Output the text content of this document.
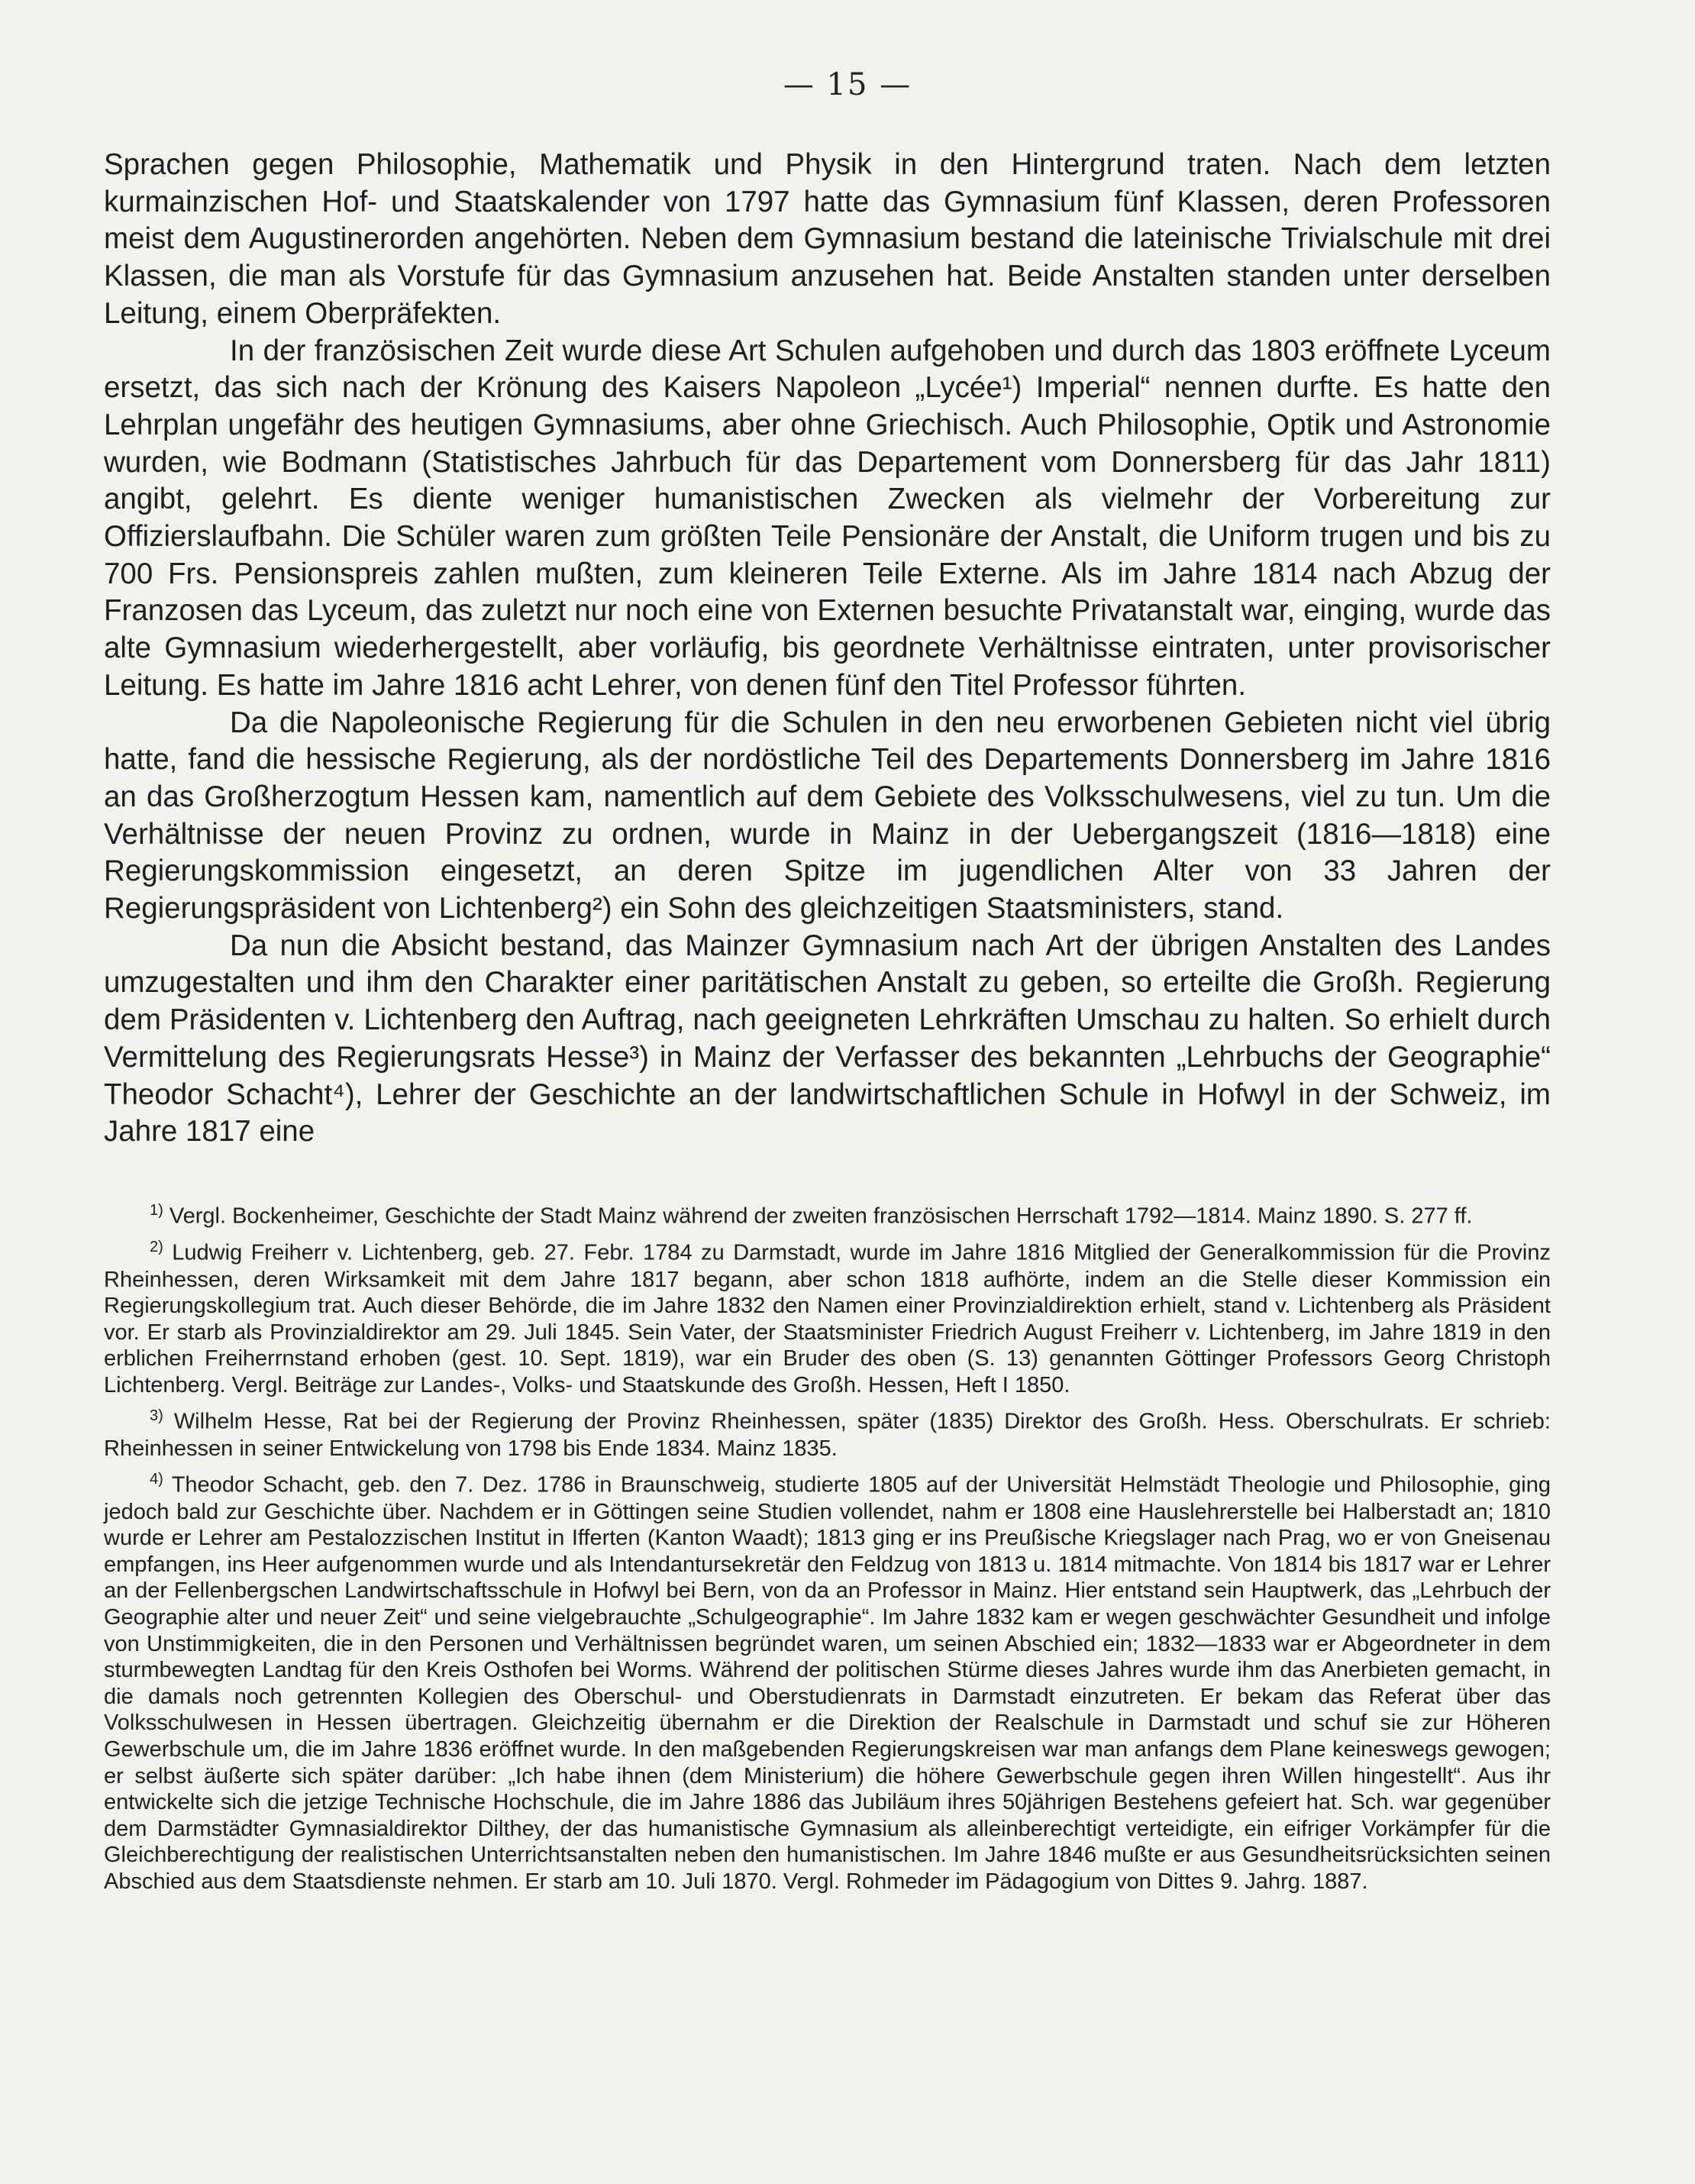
— 15 —

Sprachen gegen Philosophie, Mathematik und Physik in den Hintergrund traten. Nach dem letzten kurmainzischen Hof- und Staatskalender von 1797 hatte das Gymnasium fünf Klassen, deren Professoren meist dem Augustinerorden angehörten. Neben dem Gymnasium bestand die lateinische Trivialschule mit drei Klassen, die man als Vorstufe für das Gymnasium anzusehen hat. Beide Anstalten standen unter derselben Leitung, einem Oberpräfekten.

In der französischen Zeit wurde diese Art Schulen aufgehoben und durch das 1803 eröffnete Lyceum ersetzt, das sich nach der Krönung des Kaisers Napoleon „Lycée¹) Imperial“ nennen durfte. Es hatte den Lehrplan ungefähr des heutigen Gymnasiums, aber ohne Griechisch. Auch Philosophie, Optik und Astronomie wurden, wie Bodmann (Statistisches Jahrbuch für das Departement vom Donnersberg für das Jahr 1811) angibt, gelehrt. Es diente weniger humanistischen Zwecken als vielmehr der Vorbereitung zur Offizierslaufbahn. Die Schüler waren zum größten Teile Pensionäre der Anstalt, die Uniform trugen und bis zu 700 Frs. Pensionspreis zahlen mußten, zum kleineren Teile Externe. Als im Jahre 1814 nach Abzug der Franzosen das Lyceum, das zuletzt nur noch eine von Externen besuchte Privatanstalt war, einging, wurde das alte Gymnasium wiederhergestellt, aber vorläufig, bis geordnete Verhältnisse eintraten, unter provisorischer Leitung. Es hatte im Jahre 1816 acht Lehrer, von denen fünf den Titel Professor führten.

Da die Napoleonische Regierung für die Schulen in den neu erworbenen Gebieten nicht viel übrig hatte, fand die hessische Regierung, als der nordöstliche Teil des Departements Donnersberg im Jahre 1816 an das Großherzogtum Hessen kam, namentlich auf dem Gebiete des Volksschulwesens, viel zu tun. Um die Verhältnisse der neuen Provinz zu ordnen, wurde in Mainz in der Uebergangszeit (1816—1818) eine Regierungskommission eingesetzt, an deren Spitze im jugendlichen Alter von 33 Jahren der Regierungspräsident von Lichtenberg²) ein Sohn des gleichzeitigen Staatsministers, stand.

Da nun die Absicht bestand, das Mainzer Gymnasium nach Art der übrigen Anstalten des Landes umzugestalten und ihm den Charakter einer paritätischen Anstalt zu geben, so erteilte die Großh. Regierung dem Präsidenten v. Lichtenberg den Auftrag, nach geeigneten Lehrkräften Umschau zu halten. So erhielt durch Vermittelung des Regierungsrats Hesse³) in Mainz der Verfasser des bekannten „Lehrbuchs der Geographie“ Theodor Schacht⁴), Lehrer der Geschichte an der landwirtschaftlichen Schule in Hofwyl in der Schweiz, im Jahre 1817 eine

$^{1)}$ Vergl. Bockenheimer, Geschichte der Stadt Mainz während der zweiten französischen Herrschaft 1792—1814. Mainz 1890. S. 277 ff.

$^{2)}$ Ludwig Freiherr v. Lichtenberg, geb. 27. Febr. 1784 zu Darmstadt, wurde im Jahre 1816 Mitglied der Generalkommission für die Provinz Rheinhessen, deren Wirksamkeit mit dem Jahre 1817 begann, aber schon 1818 aufhörte, indem an die Stelle dieser Kommission ein Regierungskollegium trat. Auch dieser Behörde, die im Jahre 1832 den Namen einer Provinzialdirektion erhielt, stand v. Lichtenberg als Präsident vor. Er starb als Provinzialdirektor am 29. Juli 1845. Sein Vater, der Staatsminister Friedrich August Freiherr v. Lichtenberg, im Jahre 1819 in den erblichen Freiherrnstand erhoben (gest. 10. Sept. 1819), war ein Bruder des oben (S. 13) genannten Göttinger Professors Georg Christoph Lichtenberg. Vergl. Beiträge zur Landes-, Volks- und Staatskunde des Großh. Hessen, Heft I 1850.

$^{3)}$ Wilhelm Hesse, Rat bei der Regierung der Provinz Rheinhessen, später (1835) Direktor des Großh. Hess. Oberschulrats. Er schrieb: Rheinhessen in seiner Entwickelung von 1798 bis Ende 1834. Mainz 1835.

$^{4)}$ Theodor Schacht, geb. den 7. Dez. 1786 in Braunschweig, studierte 1805 auf der Universität Helmstädt Theologie und Philosophie, ging jedoch bald zur Geschichte über. Nachdem er in Göttingen seine Studien vollendet, nahm er 1808 eine Hauslehrerstelle bei Halberstadt an; 1810 wurde er Lehrer am Pestalozzischen Institut in Ifferten (Kanton Waadt); 1813 ging er ins Preußische Kriegslager nach Prag, wo er von Gneisenau empfangen, ins Heer aufgenommen wurde und als Intendantursekretär den Feldzug von 1813 u. 1814 mitmachte. Von 1814 bis 1817 war er Lehrer an der Fellenbergschen Landwirtschaftsschule in Hofwyl bei Bern, von da an Professor in Mainz. Hier entstand sein Hauptwerk, das „Lehrbuch der Geographie alter und neuer Zeit“ und seine vielgebrauchte „Schulgeographie“. Im Jahre 1832 kam er wegen geschwächter Gesundheit und infolge von Unstimmigkeiten, die in den Personen und Verhältnissen begründet waren, um seinen Abschied ein; 1832—1833 war er Abgeordneter in dem sturmbewegten Landtag für den Kreis Osthofen bei Worms. Während der politischen Stürme dieses Jahres wurde ihm das Anerbieten gemacht, in die damals noch getrennten Kollegien des Oberschul- und Oberstudienrats in Darmstadt einzutreten. Er bekam das Referat über das Volksschulwesen in Hessen übertragen. Gleichzeitig übernahm er die Direktion der Realschule in Darmstadt und schuf sie zur Höheren Gewerbschule um, die im Jahre 1836 eröffnet wurde. In den maßgebenden Regierungskreisen war man anfangs dem Plane keineswegs gewogen; er selbst äußerte sich später darüber: „Ich habe ihnen (dem Ministerium) die höhere Gewerbschule gegen ihren Willen hingestellt“. Aus ihr entwickelte sich die jetzige Technische Hochschule, die im Jahre 1886 das Jubiläum ihres 50jährigen Bestehens gefeiert hat. Sch. war gegenüber dem Darmstädter Gymnasialdirektor Dilthey, der das humanistische Gymnasium als alleinberechtigt verteidigte, ein eifriger Vorkämpfer für die Gleichberechtigung der realistischen Unterrichtsanstalten neben den humanistischen. Im Jahre 1846 mußte er aus Gesundheitsrücksichten seinen Abschied aus dem Staatsdienste nehmen. Er starb am 10. Juli 1870. Vergl. Rohmeder im Pädagogium von Dittes 9. Jahrg. 1887.
